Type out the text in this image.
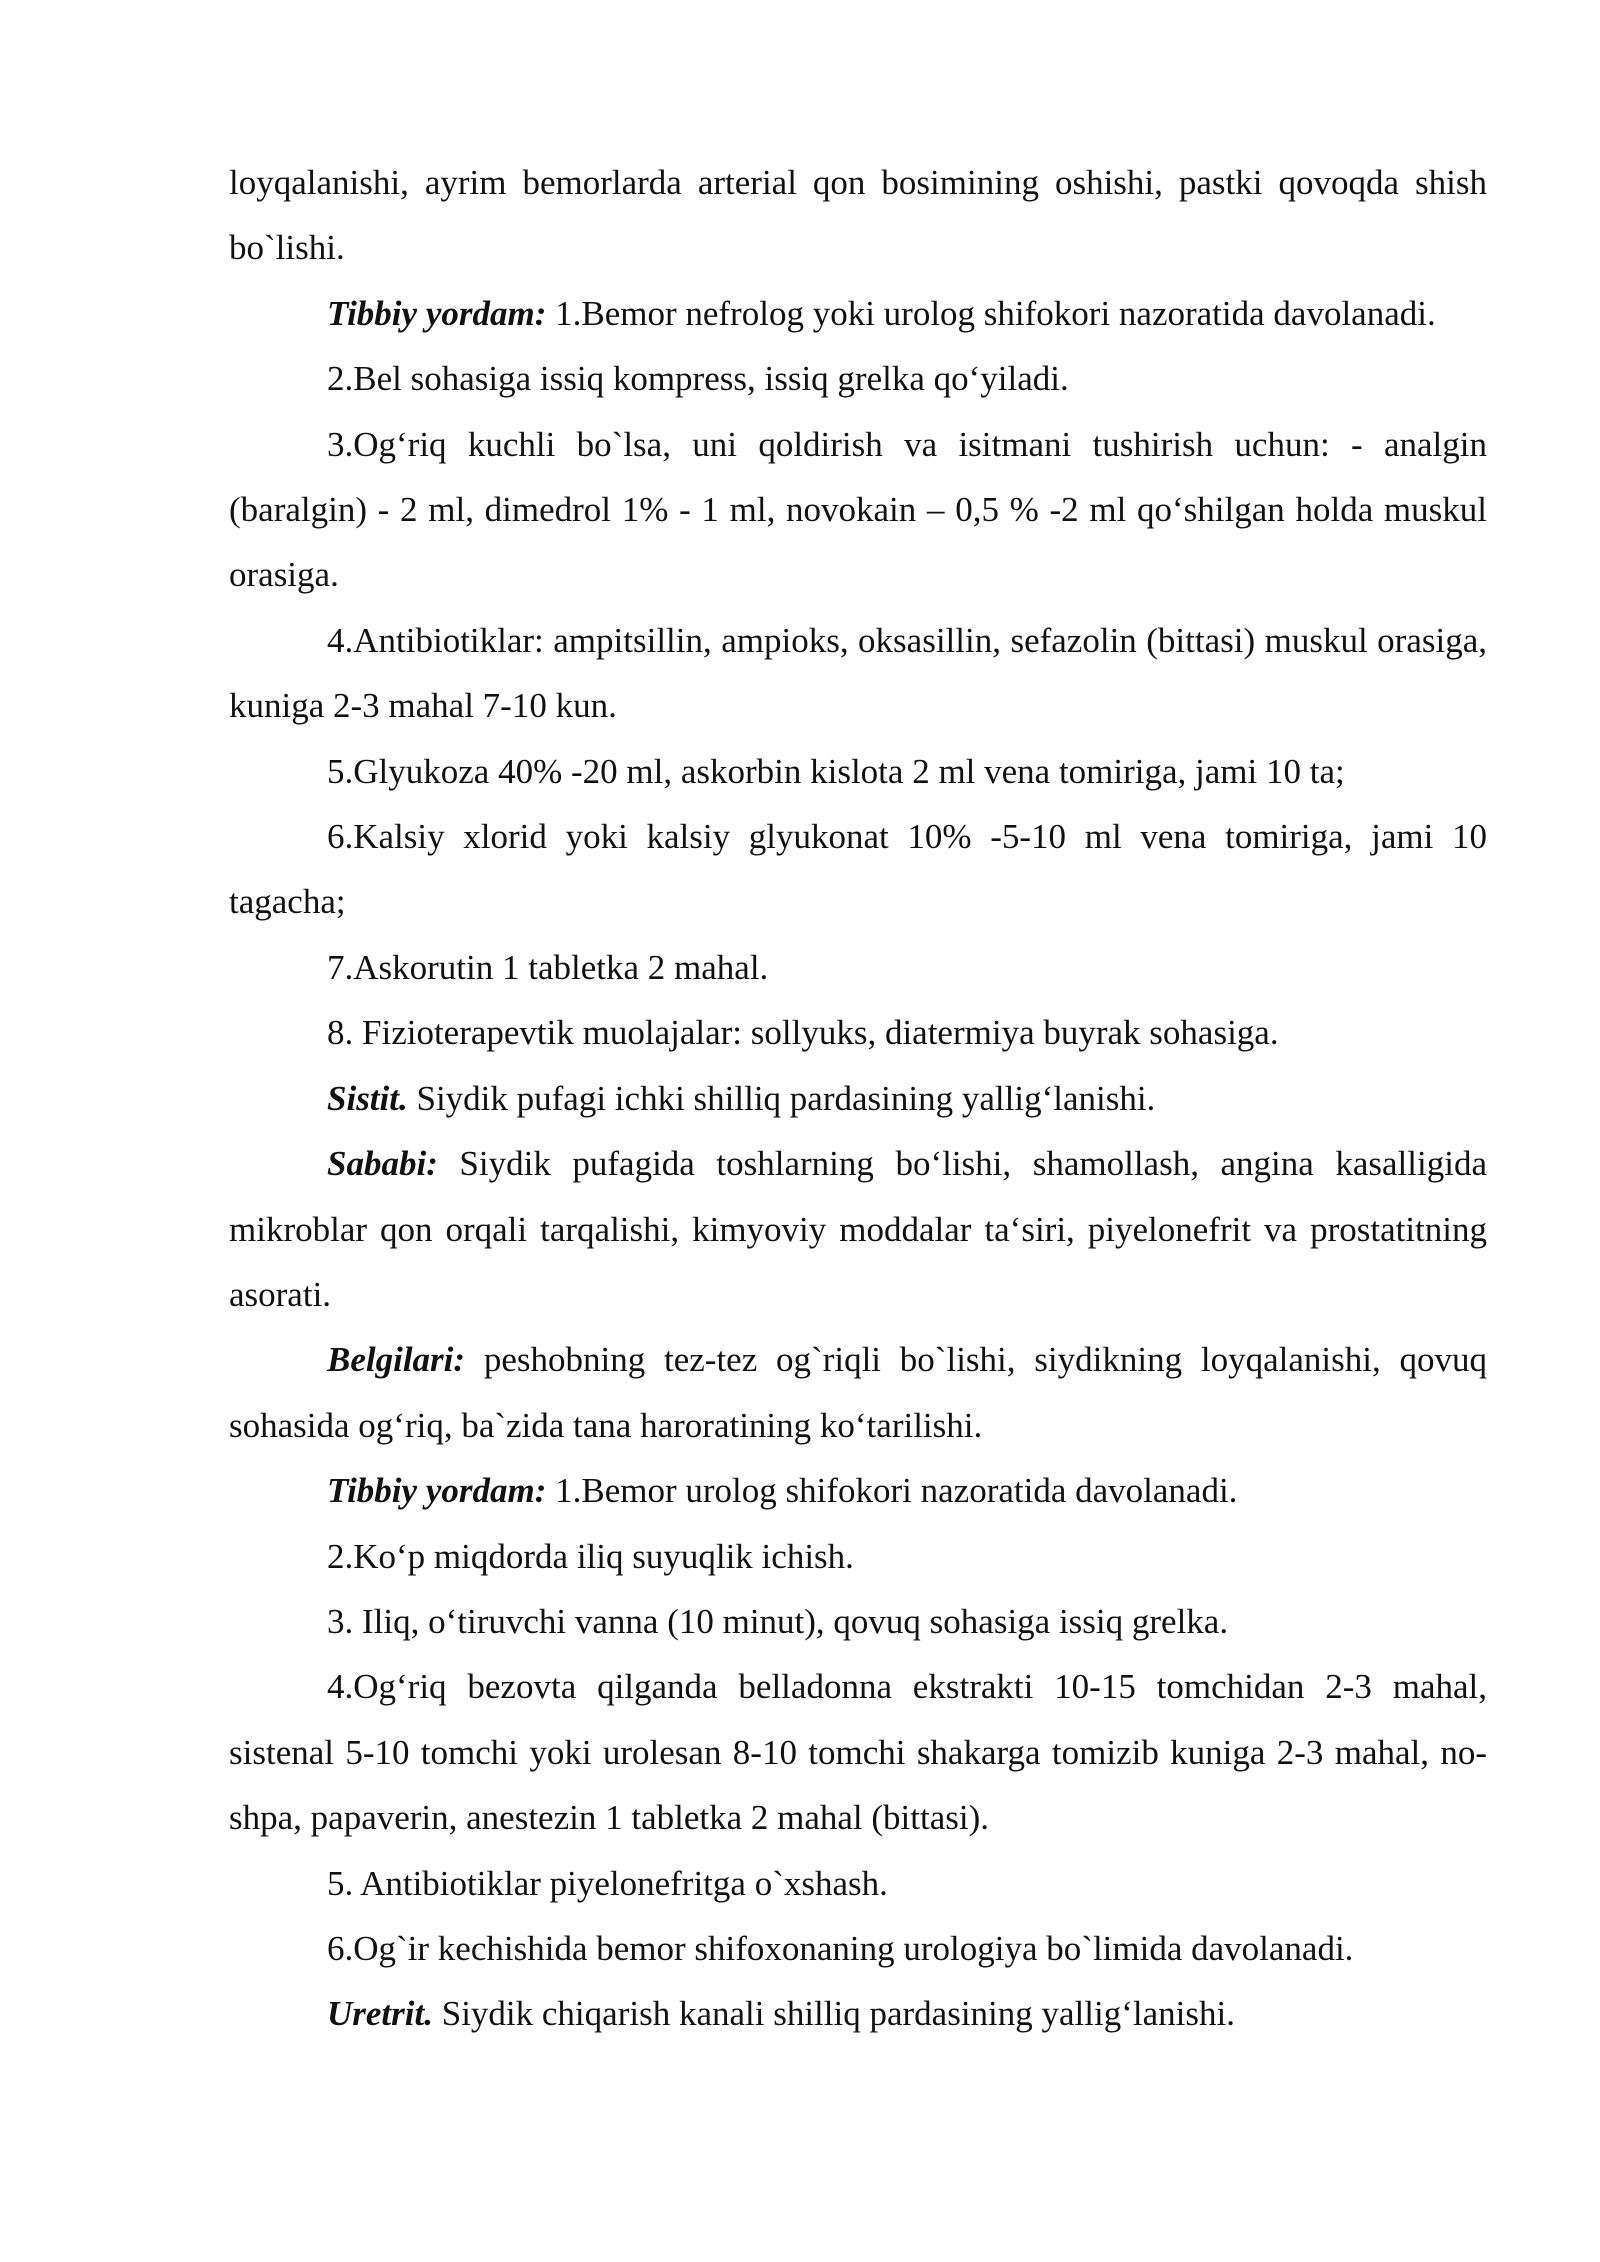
loyqalanishi, ayrim bemorlarda arterial qon bosimining oshishi, pastki qovoqda shish bo`lishi.

Tibbiy yordam: 1.Bemor nefrolog yoki urolog shifokori nazoratida davolanadi.

2.Bel sohasiga issiq kompress, issiq grelka qo‘yiladi.

3.Og‘riq kuchli bo`lsa, uni qoldirish va isitmani tushirish uchun: - analgin (baralgin) - 2 ml, dimedrol 1% - 1 ml, novokain – 0,5 % -2 ml qo‘shilgan holda muskul orasiga.

4.Antibiotiklar: ampitsillin, ampioks, oksasillin, sefazolin (bittasi) muskul orasiga, kuniga 2-3 mahal 7-10 kun.

5.Glyukoza 40% -20 ml, askorbin kislota 2 ml vena tomiriga, jami 10 ta;

6.Kalsiy xlorid yoki kalsiy glyukonat 10% -5-10 ml vena tomiriga, jami 10 tagacha;

7.Askorutin 1 tabletka 2 mahal.

8. Fizioterapevtik muolajalar: sollyuks, diatermiya buyrak sohasiga.

Sistit. Siydik pufagi ichki shilliq pardasining yallig‘lanishi.

Sababi: Siydik pufagida toshlarning bo‘lishi, shamollash, angina kasalligida mikroblar qon orqali tarqalishi, kimyoviy moddalar ta‘siri, piyelonefrit va prostatitning asorati.

Belgilari: peshobning tez-tez og`riqli bo`lishi, siydikning loyqalanishi, qovuq sohasida og‘riq, ba`zida tana haroratining ko‘tarilishi.

Tibbiy yordam: 1.Bemor urolog shifokori nazoratida davolanadi.

2.Ko‘p miqdorda iliq suyuqlik ichish.

3. Iliq, o‘tiruvchi vanna (10 minut), qovuq sohasiga issiq grelka.

4.Og‘riq bezovta qilganda belladonna ekstrakti 10-15 tomchidan 2-3 mahal, sistenal 5-10 tomchi yoki urolesan 8-10 tomchi shakarga tomizib kuniga 2-3 mahal, no-shpa, papaverin, anestezin 1 tabletka 2 mahal (bittasi).

5. Antibiotiklar piyelonefritga o`xshash.

6.Og`ir kechishida bemor shifoxonaning urologiya bo`limida davolanadi.

Uretrit. Siydik chiqarish kanali shilliq pardasining yallig‘lanishi.
